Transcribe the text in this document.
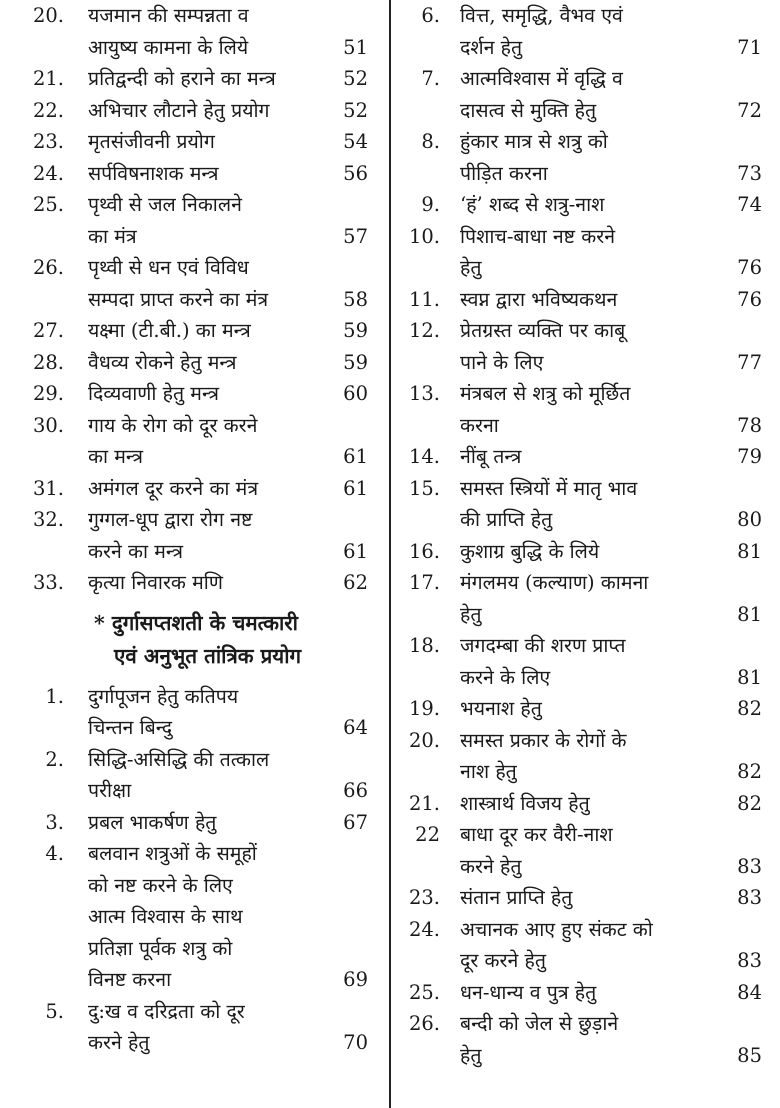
20. यजमान की सम्पन्नता व
आयुष्य कामना के लिये	51
21. प्रतिद्वन्दी को हराने का मन्त्र	52
22. अभिचार लौटाने हेतु प्रयोग	52
23. मृतसंजीवनी प्रयोग	54
24. सर्पविषनाशक मन्त्र	56
25. पृथ्वी से जल निकालने
का मंत्र	57
26. पृथ्वी से धन एवं विविध
सम्पदा प्राप्त करने का मंत्र	58
27. यक्ष्मा (टी.बी.) का मन्त्र	59
28. वैधव्य रोकने हेतु मन्त्र	59
29. दिव्यवाणी हेतु मन्त्र	60
30. गाय के रोग को दूर करने
का मन्त्र	61
31. अमंगल दूर करने का मंत्र	61
32. गुग्गल-धूप द्वारा रोग नष्ट
करने का मन्त्र	61
33. कृत्या निवारक मणि	62
* दुर्गासप्तशती के चमत्कारी
एवं अनुभूत तांत्रिक प्रयोग
1. दुर्गापूजन हेतु कतिपय
चिन्तन बिन्दु	64
2. सिद्धि-असिद्धि की तत्काल
परीक्षा	66
3. प्रबल भाकर्षण हेतु	67
4. बलवान शत्रुओं के समूहों
को नष्ट करने के लिए
आत्म विश्वास के साथ
प्रतिज्ञा पूर्वक शत्रु को
विनष्ट करना	69
5. दु:ख व दरिद्रता को दूर
करने हेतु	70
6. वित्त, समृद्धि, वैभव एवं
दर्शन हेतु	71
7. आत्मविश्वास में वृद्धि व
दासत्व से मुक्ति हेतु	72
8. हुंकार मात्र से शत्रु को
पीड़ित करना	73
9. ‘हं’ शब्द से शत्रु-नाश	74
10. पिशाच-बाधा नष्ट करने
हेतु	76
11. स्वप्न द्वारा भविष्यकथन	76
12. प्रेतग्रस्त व्यक्ति पर काबू
पाने के लिए	77
13. मंत्रबल से शत्रु को मूर्छित
करना	78
14. नींबू तन्त्र	79
15. समस्त स्त्रियों में मातृ भाव
की प्राप्ति हेतु	80
16. कुशाग्र बुद्धि के लिये	81
17. मंगलमय (कल्याण) कामना
हेतु	81
18. जगदम्बा की शरण प्राप्त
करने के लिए	81
19. भयनाश हेतु	82
20. समस्त प्रकार के रोगों के
नाश हेतु	82
21. शास्त्रार्थ विजय हेतु	82
22 बाधा दूर कर वैरी-नाश
करने हेतु	83
23. संतान प्राप्ति हेतु	83
24. अचानक आए हुए संकट को
दूर करने हेतु	83
25. धन-धान्य व पुत्र हेतु	84
26. बन्दी को जेल से छुड़ाने
हेतु	85
